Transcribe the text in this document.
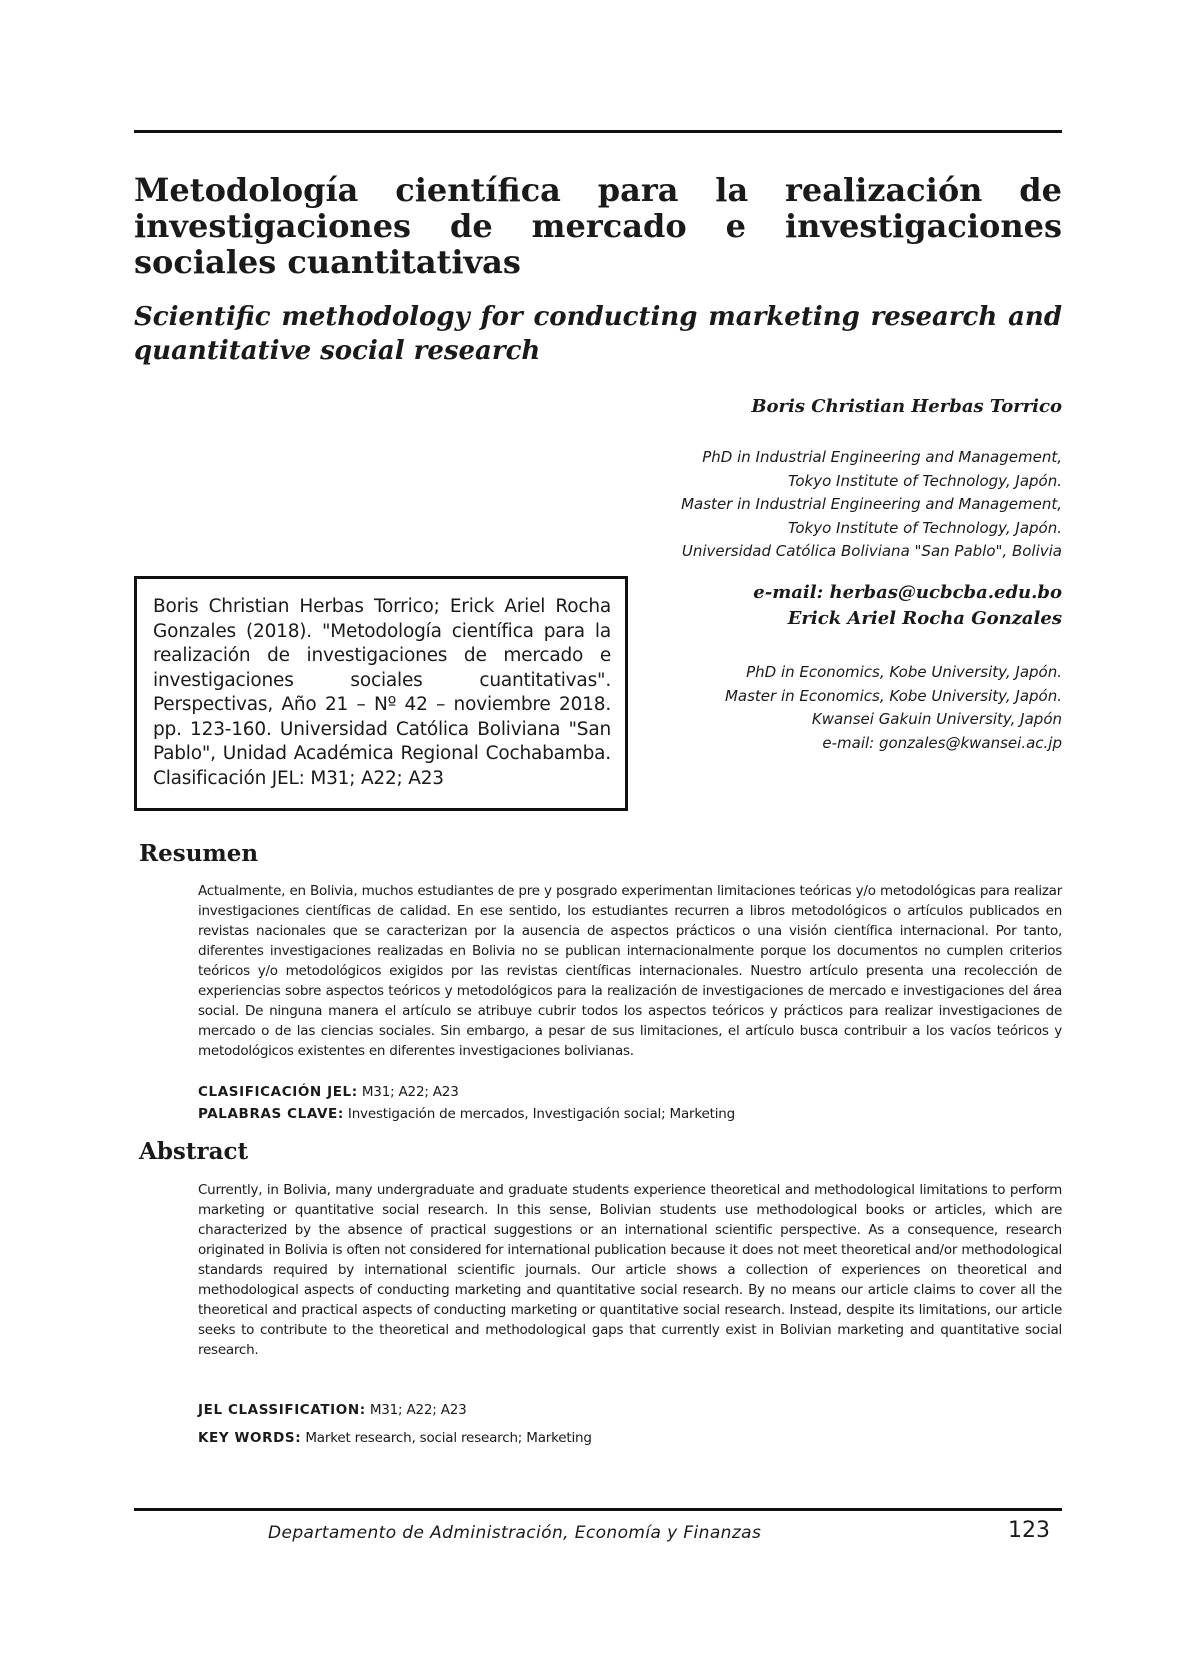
Metodología científica para la realización de investigaciones de mercado e investigaciones sociales cuantitativas
Scientific methodology for conducting marketing research and quantitative social research

Boris Christian Herbas Torrico

PhD in Industrial Engineering and Management,
Tokyo Institute of Technology, Japón.
Master in Industrial Engineering and Management,
Tokyo Institute of Technology, Japón.
Universidad Católica Boliviana "San Pablo", Bolivia
e-mail: herbas@ucbcba.edu.bo
Erick Ariel Rocha Gonzales
PhD in Economics, Kobe University, Japón.
Master in Economics, Kobe University, Japón.
Kwansei Gakuin University, Japón
e-mail: gonzales@kwansei.ac.jp
Boris Christian Herbas Torrico; Erick Ariel Rocha Gonzales (2018). "Metodología científica para la realización de investigaciones de mercado e investigaciones sociales cuantitativas". Perspectivas, Año 21 – Nº 42 – noviembre 2018. pp. 123-160. Universidad Católica Boliviana "San Pablo", Unidad Académica Regional Cochabamba. Clasificación JEL: M31; A22; A23
Resumen

Actualmente, en Bolivia, muchos estudiantes de pre y posgrado experimentan limitaciones teóricas y/o metodológicas para realizar investigaciones científicas de calidad. En ese sentido, los estudiantes recurren a libros metodológicos o artículos publicados en revistas nacionales que se caracterizan por la ausencia de aspectos prácticos o una visión científica internacional. Por tanto, diferentes investigaciones realizadas en Bolivia no se publican internacionalmente porque los documentos no cumplen criterios teóricos y/o metodológicos exigidos por las revistas científicas internacionales. Nuestro artículo presenta una recolección de experiencias sobre aspectos teóricos y metodológicos para la realización de investigaciones de mercado e investigaciones del área social. De ninguna manera el artículo se atribuye cubrir todos los aspectos teóricos y prácticos para realizar investigaciones de mercado o de las ciencias sociales. Sin embargo, a pesar de sus limitaciones, el artículo busca contribuir a los vacíos teóricos y metodológicos existentes en diferentes investigaciones bolivianas.

CLASIFICACIÓN JEL: M31; A22; A23
PALABRAS CLAVE: Investigación de mercados, Investigación social; Marketing
Abstract

Currently, in Bolivia, many undergraduate and graduate students experience theoretical and methodological limitations to perform marketing or quantitative social research. In this sense, Bolivian students use methodological books or articles, which are characterized by the absence of practical suggestions or an international scientific perspective. As a consequence, research originated in Bolivia is often not considered for international publication because it does not meet theoretical and/or methodological standards required by international scientific journals. Our article shows a collection of experiences on theoretical and methodological aspects of conducting marketing and quantitative social research. By no means our article claims to cover all the theoretical and practical aspects of conducting marketing or quantitative social research. Instead, despite its limitations, our article seeks to contribute to the theoretical and methodological gaps that currently exist in Bolivian marketing and quantitative social research.

JEL CLASSIFICATION: M31; A22; A23
KEY WORDS: Market research, social research; Marketing
Departamento de Administración, Economía y Finanzas	123
